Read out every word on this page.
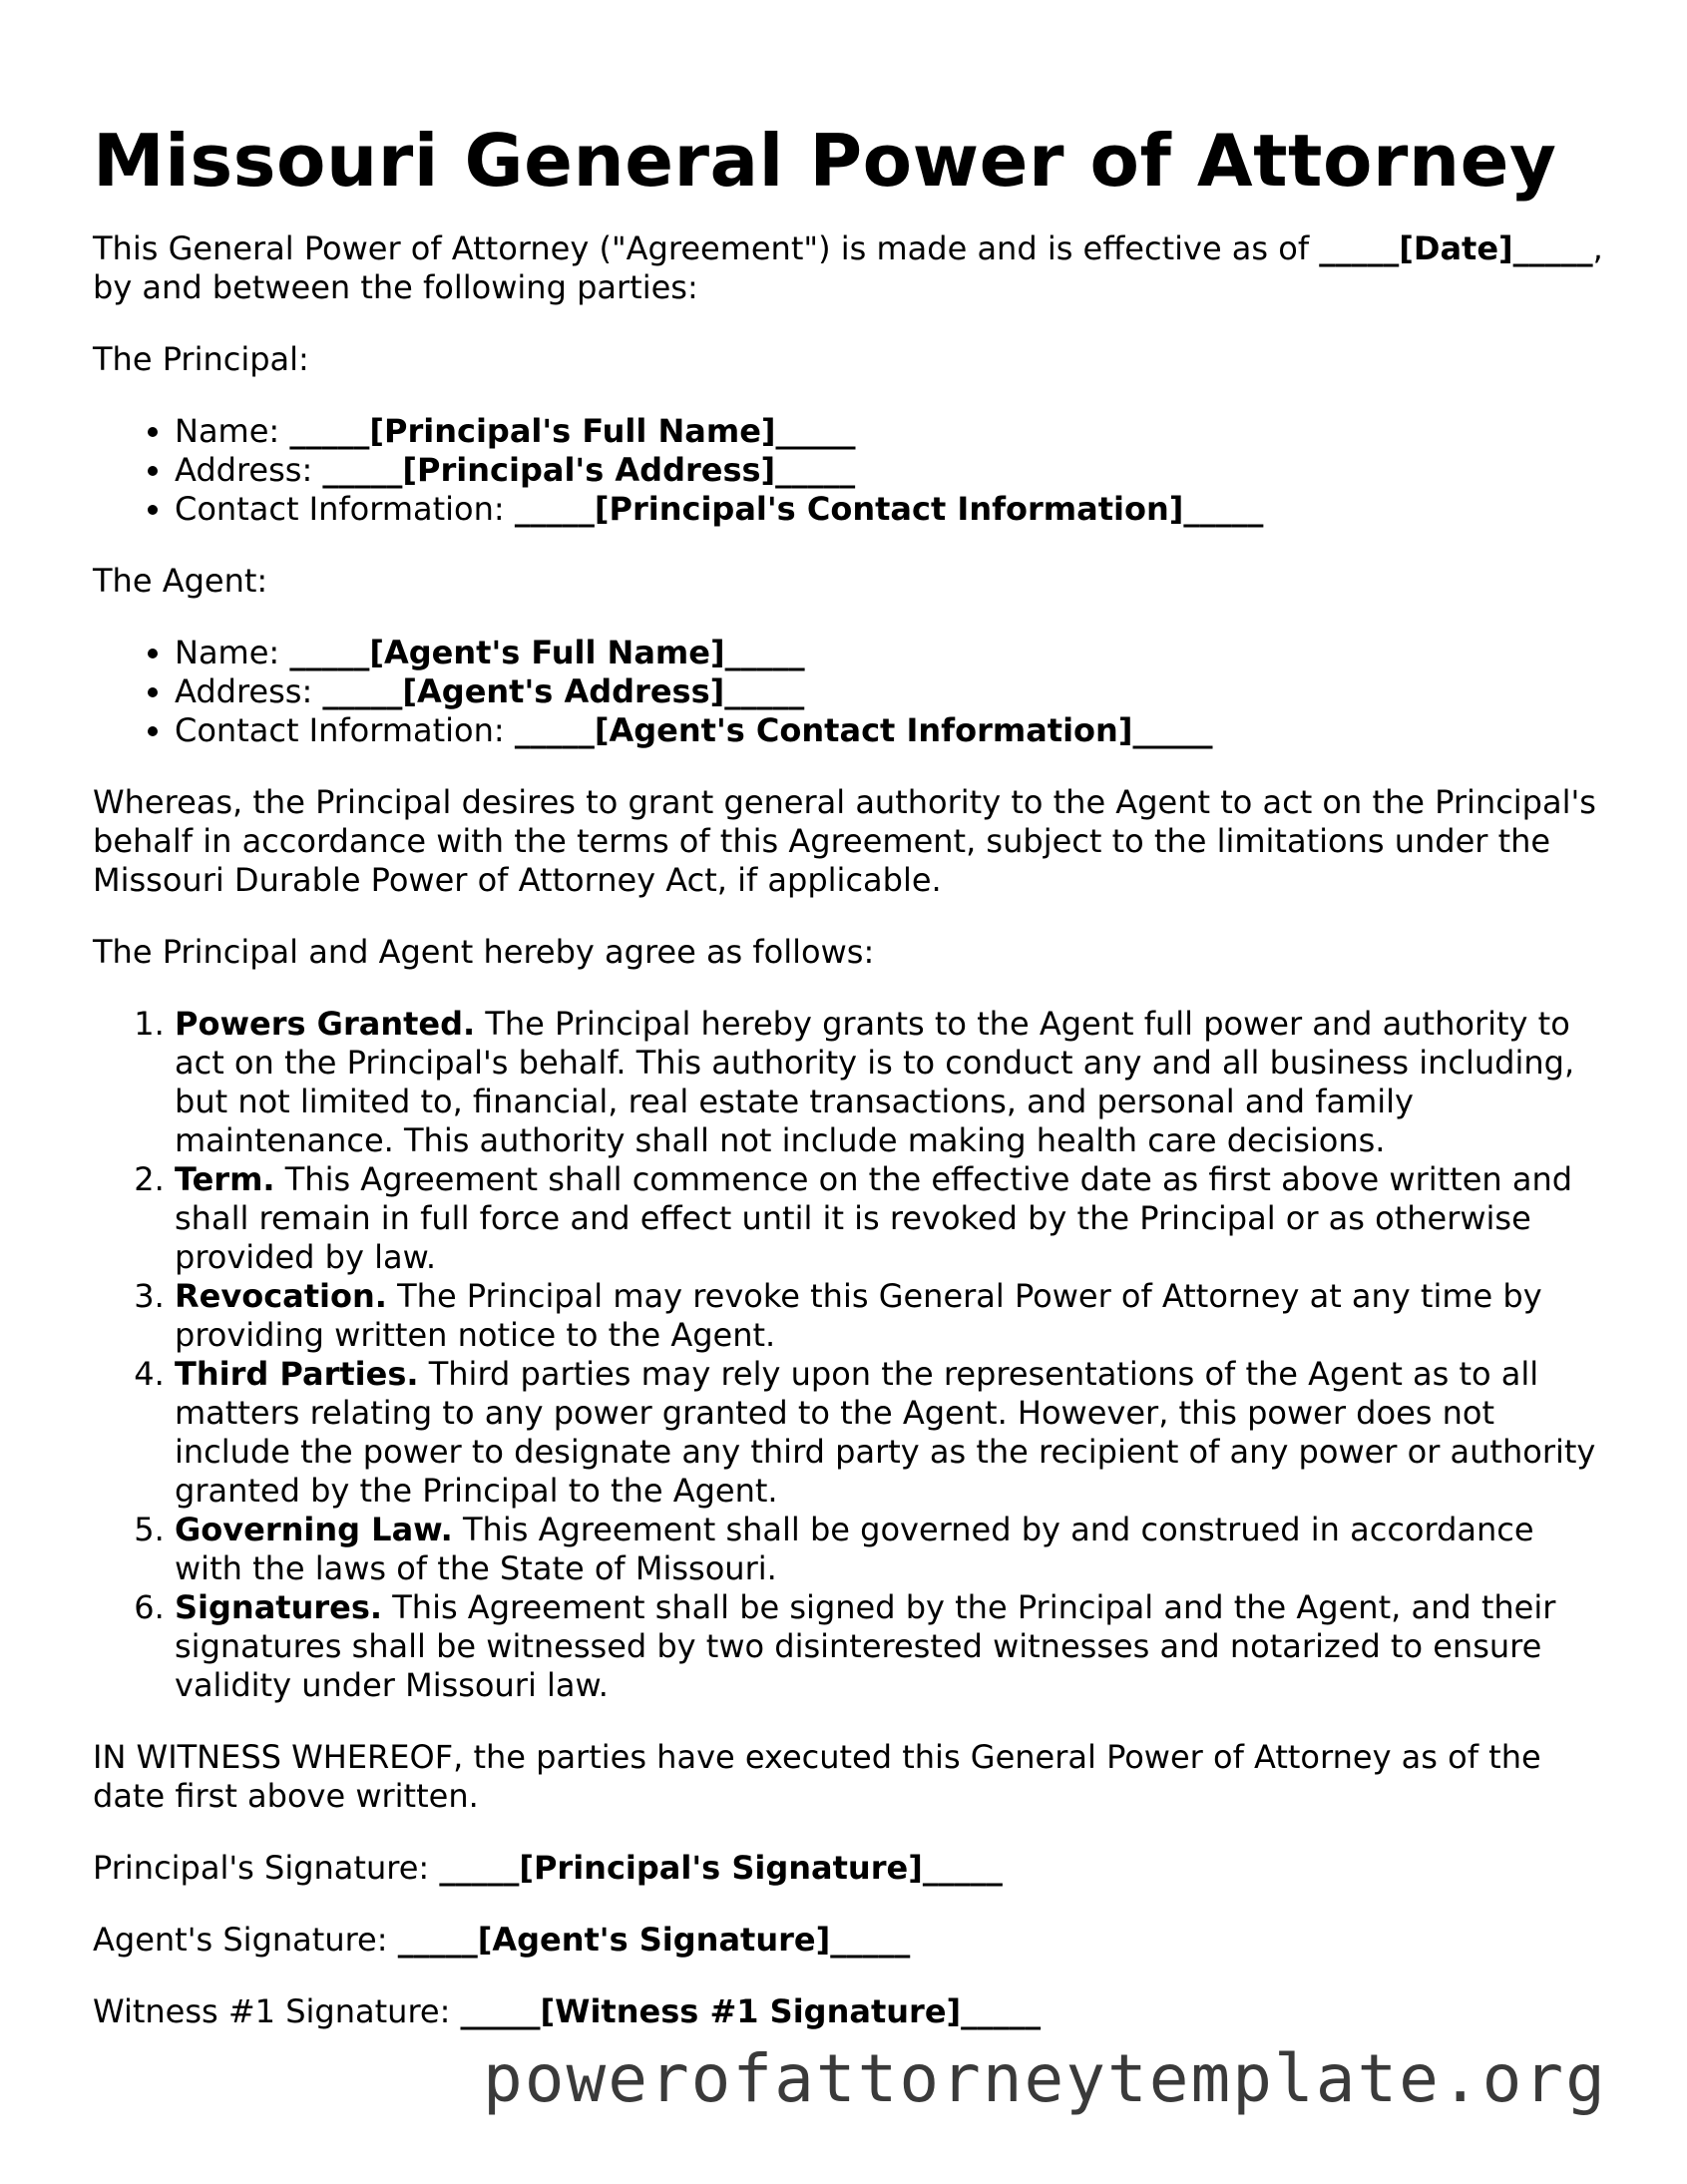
Missouri General Power of Attorney

This General Power of Attorney ("Agreement") is made and is effective as of _____[Date]_____, by and between the following parties:

The Principal:

• Name: _____[Principal's Full Name]_____
• Address: _____[Principal's Address]_____
• Contact Information: _____[Principal's Contact Information]_____

The Agent:

• Name: _____[Agent's Full Name]_____
• Address: _____[Agent's Address]_____
• Contact Information: _____[Agent's Contact Information]_____

Whereas, the Principal desires to grant general authority to the Agent to act on the Principal's behalf in accordance with the terms of this Agreement, subject to the limitations under the Missouri Durable Power of Attorney Act, if applicable.

The Principal and Agent hereby agree as follows:

1. Powers Granted. The Principal hereby grants to the Agent full power and authority to act on the Principal's behalf. This authority is to conduct any and all business including, but not limited to, financial, real estate transactions, and personal and family maintenance. This authority shall not include making health care decisions.
2. Term. This Agreement shall commence on the effective date as first above written and shall remain in full force and effect until it is revoked by the Principal or as otherwise provided by law.
3. Revocation. The Principal may revoke this General Power of Attorney at any time by providing written notice to the Agent.
4. Third Parties. Third parties may rely upon the representations of the Agent as to all matters relating to any power granted to the Agent. However, this power does not include the power to designate any third party as the recipient of any power or authority granted by the Principal to the Agent.
5. Governing Law. This Agreement shall be governed by and construed in accordance with the laws of the State of Missouri.
6. Signatures. This Agreement shall be signed by the Principal and the Agent, and their signatures shall be witnessed by two disinterested witnesses and notarized to ensure validity under Missouri law.

IN WITNESS WHEREOF, the parties have executed this General Power of Attorney as of the date first above written.

Principal's Signature: _____[Principal's Signature]_____

Agent's Signature: _____[Agent's Signature]_____

Witness #1 Signature: _____[Witness #1 Signature]_____

powerofattorneytemplate.org
